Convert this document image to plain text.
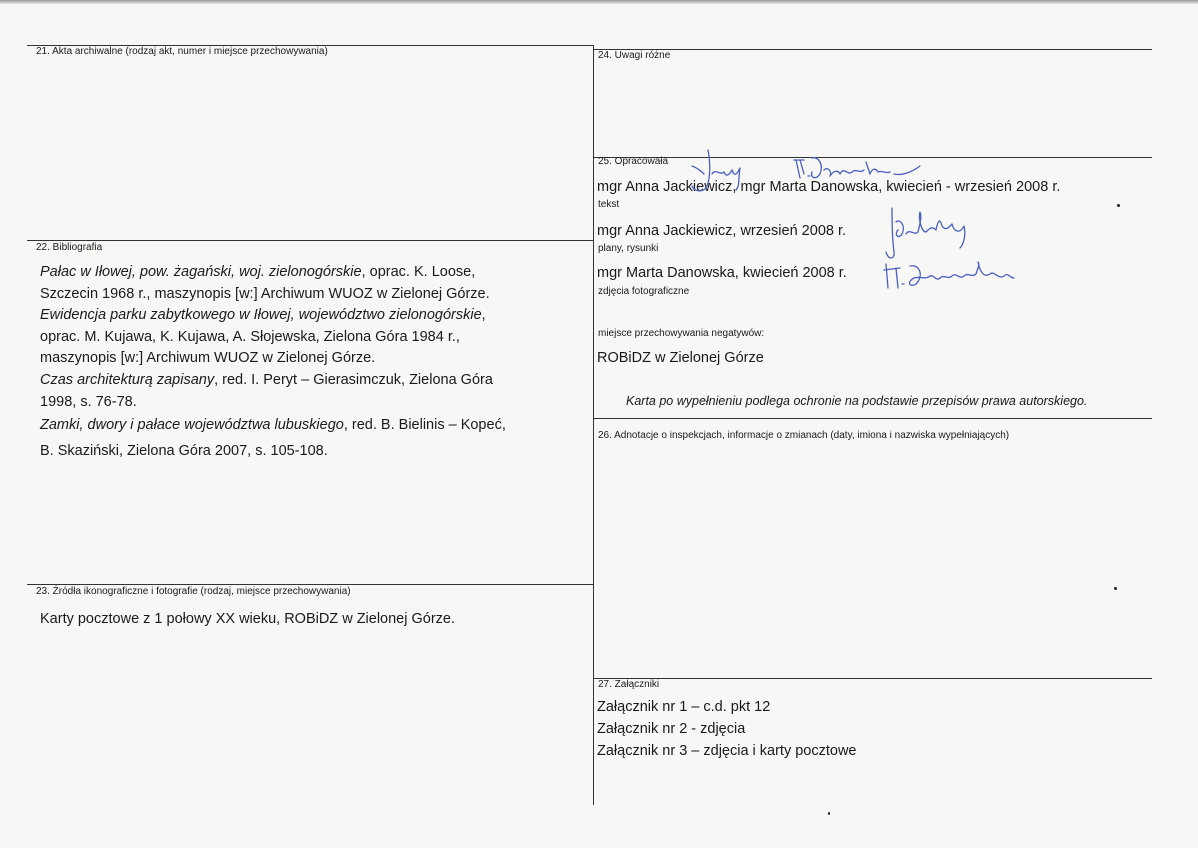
21. Akta archiwalne (rodzaj akt, numer i miejsce przechowywania)
22. Bibliografia
Pałac w Iłowej, pow. żagański, woj. zielonogórskie, oprac. K. Loose,
Szczecin 1968 r., maszynopis [w:] Archiwum WUOZ w Zielonej Górze.
Ewidencja parku zabytkowego w Iłowej, województwo zielonogórskie,
oprac. M. Kujawa, K. Kujawa, A. Słojewska, Zielona Góra 1984 r.,
maszynopis [w:] Archiwum WUOZ w Zielonej Górze.
Czas architekturą zapisany, red. I. Peryt – Gierasimczuk, Zielona Góra
1998, s. 76-78.
Zamki, dwory i pałace województwa lubuskiego, red. B. Bielinis – Kopeć,
B. Skaziński, Zielona Góra 2007, s. 105-108.
23. Źródła ikonograficzne i fotografie (rodzaj, miejsce przechowywania)
Karty pocztowe z 1 połowy XX wieku, ROBiDZ w Zielonej Górze.
24. Uwagi różne
25. Opracowała
mgr Anna Jackiewicz, mgr Marta Danowska, kwiecień - wrzesień 2008 r.
tekst
mgr Anna Jackiewicz, wrzesień 2008 r.
plany, rysunki
mgr Marta Danowska, kwiecień 2008 r.
zdjęcia fotograficzne
miejsce przechowywania negatywów:
ROBiDZ w Zielonej Górze
Karta po wypełnieniu podlega ochronie na podstawie przepisów prawa autorskiego.
26. Adnotacje o inspekcjach, informacje o zmianach (daty, imiona i nazwiska wypełniających)
27. Załączniki
Załącznik nr 1 – c.d. pkt 12
Załącznik nr 2 - zdjęcia
Załącznik nr 3 – zdjęcia i karty pocztowe
